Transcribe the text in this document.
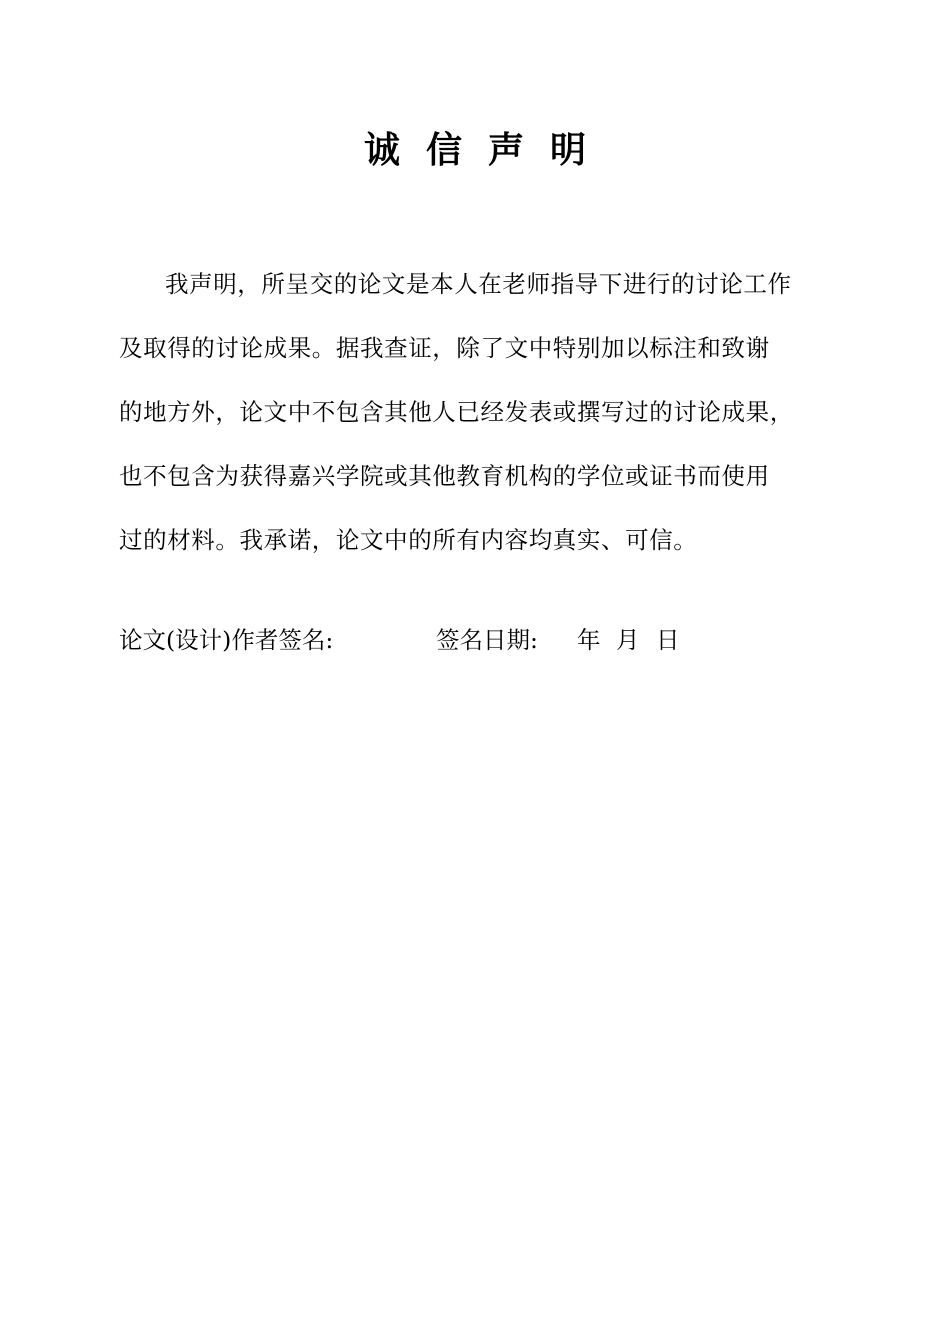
诚信声明
我声明，所呈交的论文是本人在老师指导下进行的讨论工作
及取得的讨论成果。据我查证，除了文中特别加以标注和致谢
的地方外，论文中不包含其他人已经发表或撰写过的讨论成果，
也不包含为获得嘉兴学院或其他教育机构的学位或证书而使用
过的材料。我承诺，论文中的所有内容均真实、可信。
论文(设计)作者签名:	签名日期: 年 月 日
